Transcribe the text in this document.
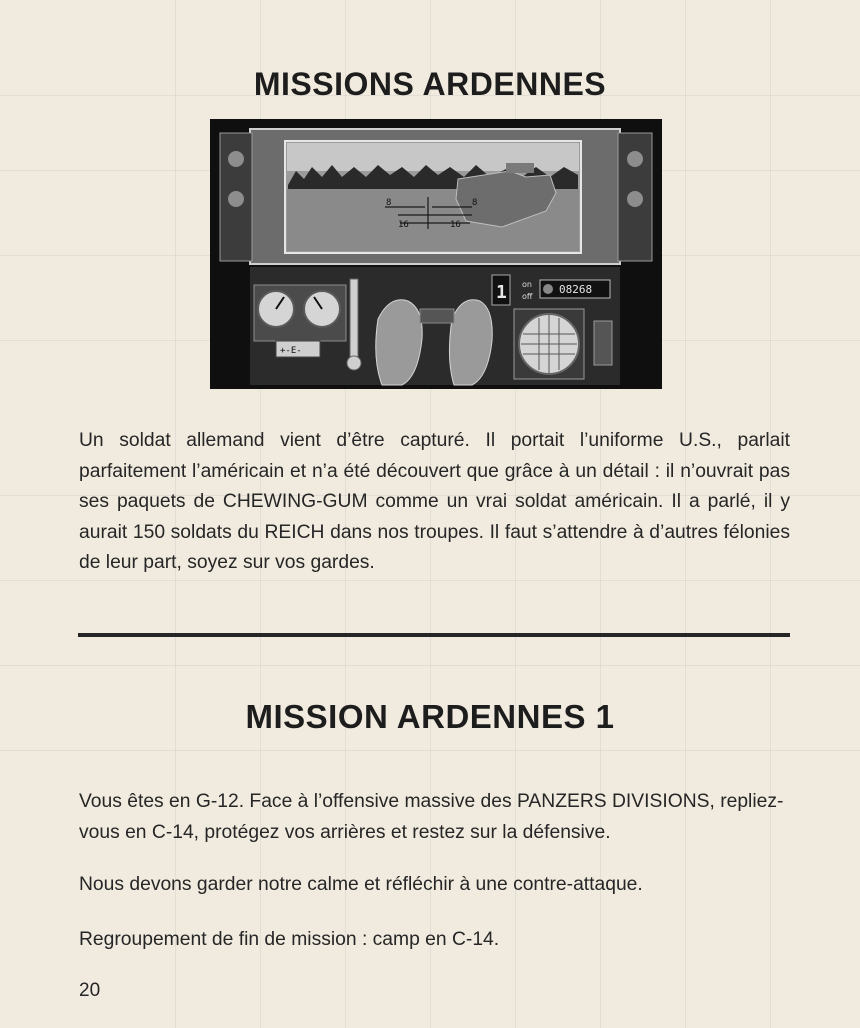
MISSIONS ARDENNES
8	8
16	16
+-E-
1 on
off
08268

Un soldat allemand vient d’être capturé. Il portait l’uniforme U.S., parlait parfaitement l’américain et n’a été découvert que grâce à un détail : il n’ouvrait pas ses paquets de CHEWING-GUM comme un vrai soldat américain. Il a parlé, il y aurait 150 soldats du REICH dans nos troupes. Il faut s’attendre à d’autres félonies de leur part, soyez sur vos gardes.

MISSION ARDENNES 1

Vous êtes en G-12. Face à l’offensive massive des PANZERS DIVISIONS, repliez-vous en C-14, protégez vos arrières et restez sur la défensive.

Nous devons garder notre calme et réfléchir à une contre-attaque.

Regroupement de fin de mission : camp en C-14.

20
